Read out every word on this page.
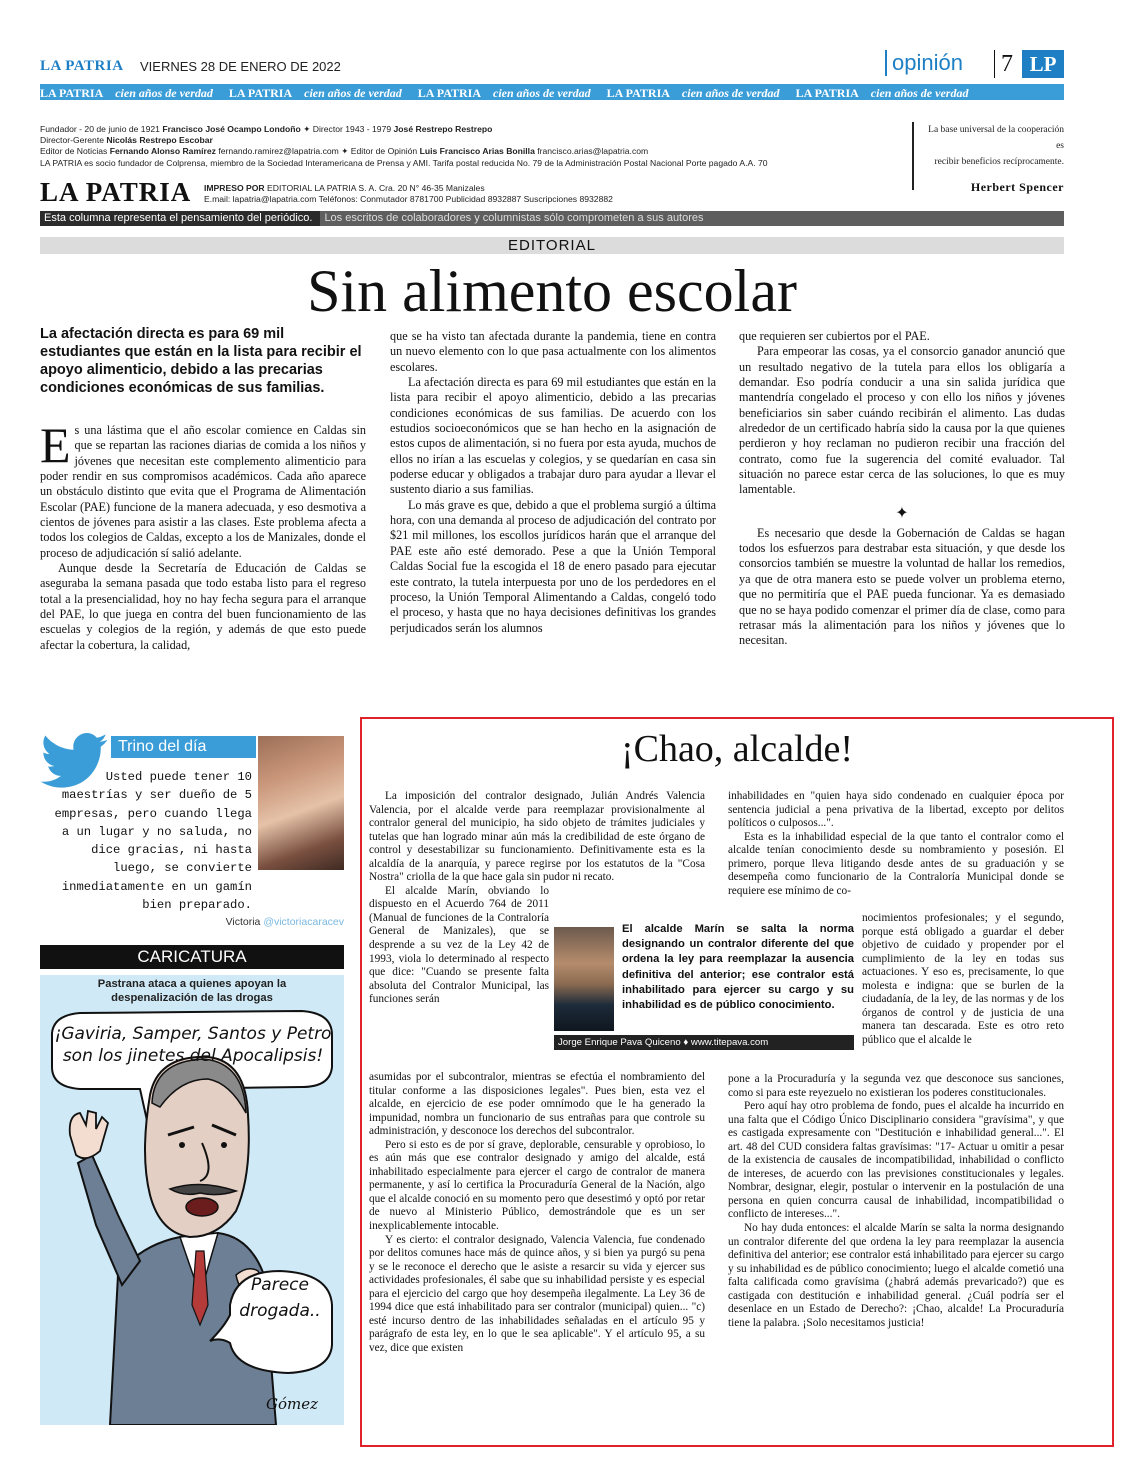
LA PATRIA VIERNES 28 DE ENERO DE 2022	opinión 7 LP
LA PATRIA cien años de verdad LA PATRIA cien años de verdad LA PATRIA cien años de verdad LA PATRIA cien años de verdad LA PATRIA cien años de verdad
Fundador - 20 de junio de 1921 Francisco José Ocampo Londoño ✦ Director 1943 - 1979 José Restrepo Restrepo
Director-Gerente Nicolás Restrepo Escobar
Editor de Noticias Fernando Alonso Ramírez fernando.ramirez@lapatria.com ✦ Editor de Opinión Luis Francisco Arias Bonilla francisco.arias@lapatria.com
LA PATRIA es socio fundador de Colprensa, miembro de la Sociedad Interamericana de Prensa y AMI. Tarifa postal reducida No. 79 de la Administración Postal Nacional Porte pagado A.A. 70
LA PATRIA IMPRESO POR EDITORIAL LA PATRIA S. A. Cra. 20 N° 46-35 Manizales
E.mail: lapatria@lapatria.com Teléfonos: Conmutador 8781700 Publicidad 8932887 Suscripciones 8932882
La base universal de la cooperación es
recibir beneficios recíprocamente.
Herbert Spencer
Esta columna representa el pensamiento del periódico. Los escritos de colaboradores y columnistas sólo comprometen a sus autores
EDITORIAL
Sin alimento escolar
La afectación directa es para 69 mil estudiantes que están en la lista para recibir el apoyo alimenticio, debido a las precarias condiciones económicas de sus familias.

Es una lástima que el año escolar comience en Caldas sin que se repartan las raciones diarias de comida a los niños y jóvenes que necesitan este complemento alimenticio para poder rendir en sus compromisos académicos. Cada año aparece un obstáculo distinto que evita que el Programa de Alimentación Escolar (PAE) funcione de la manera adecuada, y eso desmotiva a cientos de jóvenes para asistir a las clases. Este problema afecta a todos los colegios de Caldas, excepto a los de Manizales, donde el proceso de adjudicación sí salió adelante.

Aunque desde la Secretaría de Educación de Caldas se aseguraba la semana pasada que todo estaba listo para el regreso total a la presencialidad, hoy no hay fecha segura para el arranque del PAE, lo que juega en contra del buen funcionamiento de las escuelas y colegios de la región, y además de que esto puede afectar la cobertura, la calidad,

que se ha visto tan afectada durante la pandemia, tiene en contra un nuevo elemento con lo que pasa actualmente con los alimentos escolares.

La afectación directa es para 69 mil estudiantes que están en la lista para recibir el apoyo alimenticio, debido a las precarias condiciones económicas de sus familias. De acuerdo con los estudios socioeconómicos que se han hecho en la asignación de estos cupos de alimentación, si no fuera por esta ayuda, muchos de ellos no irían a las escuelas y colegios, y se quedarían en casa sin poderse educar y obligados a trabajar duro para ayudar a llevar el sustento diario a sus familias.

Lo más grave es que, debido a que el problema surgió a última hora, con una demanda al proceso de adjudicación del contrato por $21 mil millones, los escollos jurídicos harán que el arranque del PAE este año esté demorado. Pese a que la Unión Temporal Caldas Social fue la escogida el 18 de enero pasado para ejecutar este contrato, la tutela interpuesta por uno de los perdedores en el proceso, la Unión Temporal Alimentando a Caldas, congeló todo el proceso, y hasta que no haya decisiones definitivas los grandes perjudicados serán los alumnos

que requieren ser cubiertos por el PAE.

Para empeorar las cosas, ya el consorcio ganador anunció que un resultado negativo de la tutela para ellos los obligaría a demandar. Eso podría conducir a una sin salida jurídica que mantendría congelado el proceso y con ello los niños y jóvenes beneficiarios sin saber cuándo recibirán el alimento. Las dudas alrededor de un certificado habría sido la causa por la que quienes perdieron y hoy reclaman no pudieron recibir una fracción del contrato, como fue la sugerencia del comité evaluador. Tal situación no parece estar cerca de las soluciones, lo que es muy lamentable.

✦

Es necesario que desde la Gobernación de Caldas se hagan todos los esfuerzos para destrabar esta situación, y que desde los consorcios también se muestre la voluntad de hallar los remedios, ya que de otra manera esto se puede volver un problema eterno, que no permitiría que el PAE pueda funcionar. Ya es demasiado que no se haya podido comenzar el primer día de clase, como para retrasar más la alimentación para los niños y jóvenes que lo necesitan.

Trino del día
Usted puede tener 10 maestrías y ser dueño de 5 empresas, pero cuando llega a un lugar y no saluda, no dice gracias, ni hasta luego, se convierte inmediatamente en un gamín bien preparado.
Victoria @victoriacaracev
CARICATURA
Pastrana ataca a quienes apoyan la despenalización de las drogas
¡Gaviria, Samper, Santos y Petro son los jinetes del Apocalipsis!
Parece drogada..
Gómez
¡Chao, alcalde!

La imposición del contralor designado, Julián Andrés Valencia Valencia, por el alcalde verde para reemplazar provisionalmente al contralor general del municipio, ha sido objeto de trámites judiciales y tutelas que han logrado minar aún más la credibilidad de este órgano de control y desestabilizar su funcionamiento. Definitivamente esta es la alcaldía de la anarquía, y parece regirse por los estatutos de la "Cosa Nostra" criolla de la que hace gala sin pudor ni recato.

El alcalde Marín, obviando lo dispuesto en el Acuerdo 764 de 2011 (Manual de funciones de la Contraloría General de Manizales), que se desprende a su vez de la Ley 42 de 1993, viola lo determinado al respecto que dice: "Cuando se presente falta absoluta del Contralor Municipal, las funciones serán

El alcalde Marín se salta la norma designando un contralor diferente del que ordena la ley para reemplazar la ausencia definitiva del anterior; ese contralor está inhabilitado para ejercer su cargo y su inhabilidad es de público conocimiento.
Jorge Enrique Pava Quiceno ♦ www.titepava.com

asumidas por el subcontralor, mientras se efectúa el nombramiento del titular conforme a las disposiciones legales". Pues bien, esta vez el alcalde, en ejercicio de ese poder omnímodo que le ha generado la impunidad, nombra un funcionario de sus entrañas para que controle su administración, y desconoce los derechos del subcontralor.

Pero si esto es de por sí grave, deplorable, censurable y oprobioso, lo es aún más que ese contralor designado y amigo del alcalde, está inhabilitado especialmente para ejercer el cargo de contralor de manera permanente, y así lo certifica la Procuraduría General de la Nación, algo que el alcalde conoció en su momento pero que desestimó y optó por retar de nuevo al Ministerio Público, demostrándole que es un ser inexplicablemente intocable.

Y es cierto: el contralor designado, Valencia Valencia, fue condenado por delitos comunes hace más de quince años, y si bien ya purgó su pena y se le reconoce el derecho que le asiste a resarcir su vida y ejercer sus actividades profesionales, él sabe que su inhabilidad persiste y es especial para el ejercicio del cargo que hoy desempeña ilegalmente. La Ley 36 de 1994 dice que está inhabilitado para ser contralor (municipal) quien... "c) esté incurso dentro de las inhabilidades señaladas en el artículo 95 y parágrafo de esta ley, en lo que le sea aplicable". Y el artículo 95, a su vez, dice que existen

inhabilidades en "quien haya sido condenado en cualquier época por sentencia judicial a pena privativa de la libertad, excepto por delitos políticos o culposos...".

Esta es la inhabilidad especial de la que tanto el contralor como el alcalde tenían conocimiento desde su nombramiento y posesión. El primero, porque lleva litigando desde antes de su graduación y se desempeña como funcionario de la Contraloría Municipal donde se requiere ese mínimo de co-

nocimientos profesionales; y el segundo, porque está obligado a guardar el deber objetivo de cuidado y propender por el cumplimiento de la ley en todas sus actuaciones. Y eso es, precisamente, lo que molesta e indigna: que se burlen de la ciudadanía, de la ley, de las normas y de los órganos de control y de justicia de una manera tan descarada. Este es otro reto público que el alcalde le

pone a la Procuraduría y la segunda vez que desconoce sus sanciones, como si para este reyezuelo no existieran los poderes constitucionales.

Pero aquí hay otro problema de fondo, pues el alcalde ha incurrido en una falta que el Código Único Disciplinario considera "gravísima", y que es castigada expresamente con "Destitución e inhabilidad general...". El art. 48 del CUD considera faltas gravísimas: "17- Actuar u omitir a pesar de la existencia de causales de incompatibilidad, inhabilidad o conflicto de intereses, de acuerdo con las previsiones constitucionales y legales. Nombrar, designar, elegir, postular o intervenir en la postulación de una persona en quien concurra causal de inhabilidad, incompatibilidad o conflicto de intereses...".

No hay duda entonces: el alcalde Marín se salta la norma designando un contralor diferente del que ordena la ley para reemplazar la ausencia definitiva del anterior; ese contralor está inhabilitado para ejercer su cargo y su inhabilidad es de público conocimiento; luego el alcalde cometió una falta calificada como gravísima (¿habrá además prevaricado?) que es castigada con destitución e inhabilidad general. ¿Cuál podría ser el desenlace en un Estado de Derecho?: ¡Chao, alcalde! La Procuraduría tiene la palabra. ¡Solo necesitamos justicia!
